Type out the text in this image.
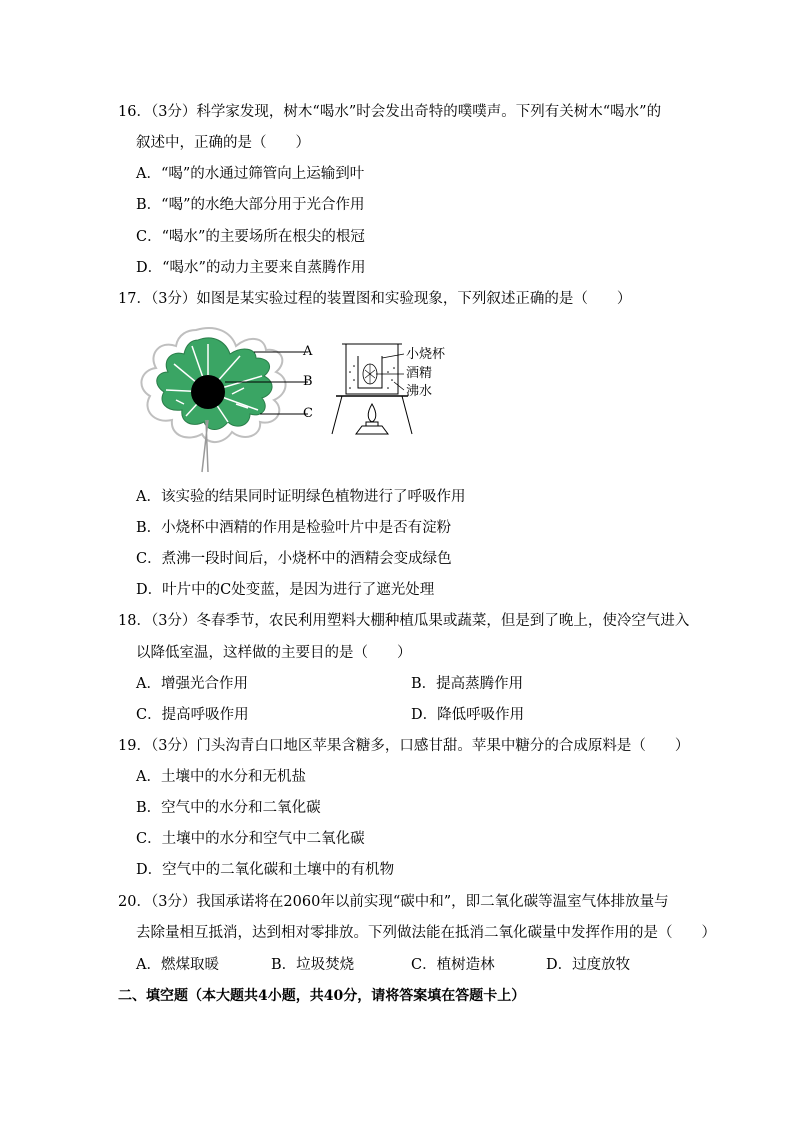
16．（3分）科学家发现，树木“喝水”时会发出奇特的噗噗声。下列有关树木“喝水”的
叙述中，正确的是（　　）
A．“喝”的水通过筛管向上运输到叶
B．“喝”的水绝大部分用于光合作用
C．“喝水”的主要场所在根尖的根冠
D．“喝水”的动力主要来自蒸腾作用
17．（3分）如图是某实验过程的装置图和实验现象，下列叙述正确的是（　　）
A
B
C
小烧杯
酒精
沸水
A．该实验的结果同时证明绿色植物进行了呼吸作用
B．小烧杯中酒精的作用是检验叶片中是否有淀粉
C．煮沸一段时间后，小烧杯中的酒精会变成绿色
D．叶片中的C处变蓝，是因为进行了遮光处理
18．（3分）冬春季节，农民利用塑料大棚种植瓜果或蔬菜，但是到了晚上，使冷空气进入
以降低室温，这样做的主要目的是（　　）
A．增强光合作用	B．提高蒸腾作用
C．提高呼吸作用	D．降低呼吸作用
19．（3分）门头沟青白口地区苹果含糖多，口感甘甜。苹果中糖分的合成原料是（　　）
A．土壤中的水分和无机盐
B．空气中的水分和二氧化碳
C．土壤中的水分和空气中二氧化碳
D．空气中的二氧化碳和土壤中的有机物
20．（3分）我国承诺将在2060年以前实现“碳中和”，即二氧化碳等温室气体排放量与
去除量相互抵消，达到相对零排放。下列做法能在抵消二氧化碳量中发挥作用的是（　　）
A．燃煤取暖	B．垃圾焚烧	C．植树造林	D．过度放牧
二、填空题（本大题共4小题，共40分，请将答案填在答题卡上）
